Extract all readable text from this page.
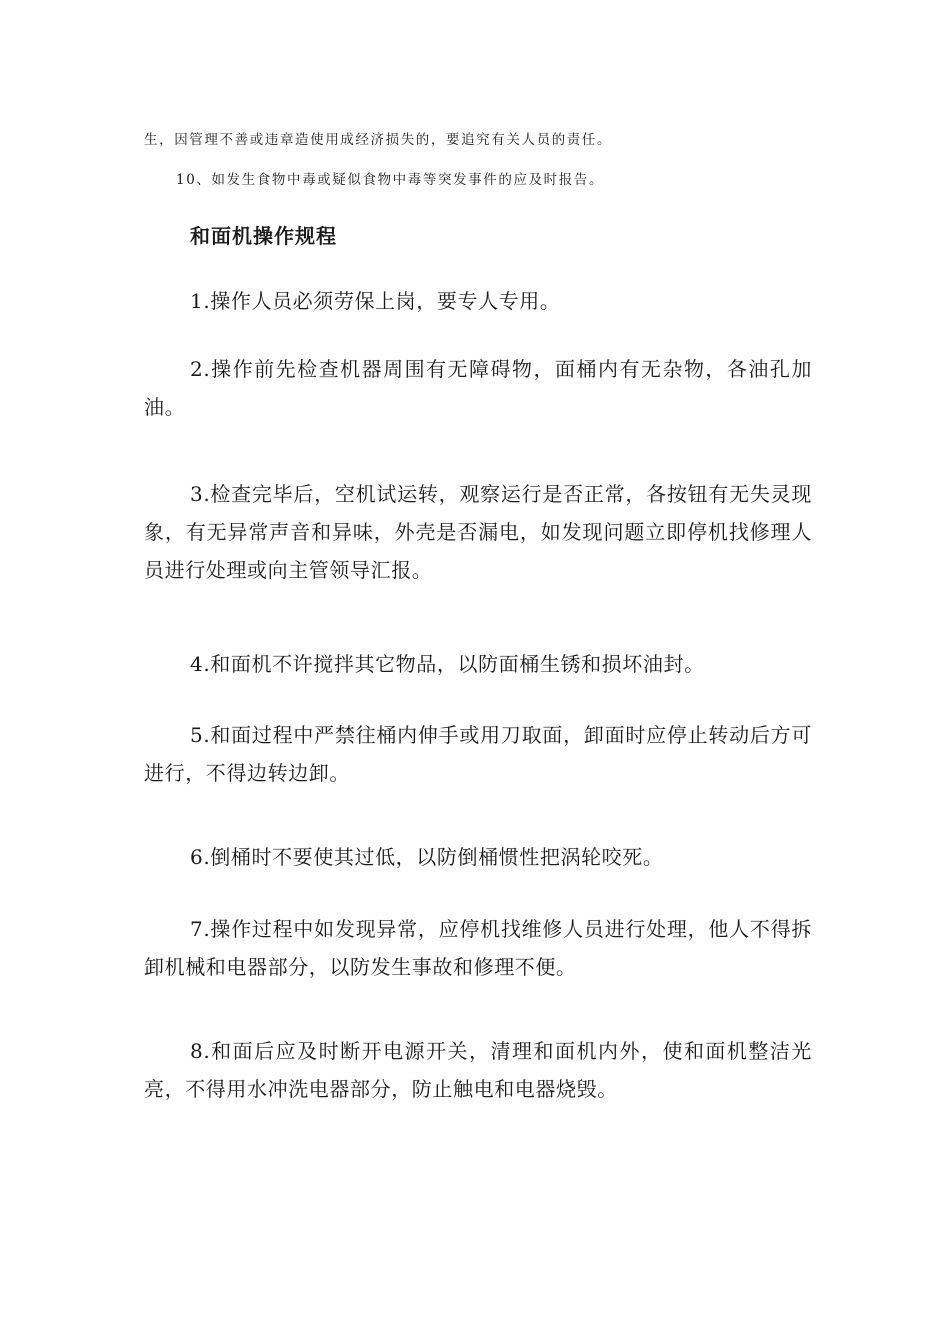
生，因管理不善或违章造使用成经济损失的，要追究有关人员的责任。
10、如发生食物中毒或疑似食物中毒等突发事件的应及时报告。
和面机操作规程
1.操作人员必须劳保上岗，要专人专用。
2.操作前先检查机器周围有无障碍物，面桶内有无杂物，各油孔加油。
3.检查完毕后，空机试运转，观察运行是否正常，各按钮有无失灵现象，有无异常声音和异味，外壳是否漏电，如发现问题立即停机找修理人员进行处理或向主管领导汇报。
4.和面机不许搅拌其它物品，以防面桶生锈和损坏油封。
5.和面过程中严禁往桶内伸手或用刀取面，卸面时应停止转动后方可进行，不得边转边卸。
6.倒桶时不要使其过低，以防倒桶惯性把涡轮咬死。
7.操作过程中如发现异常，应停机找维修人员进行处理，他人不得拆卸机械和电器部分，以防发生事故和修理不便。
8.和面后应及时断开电源开关，清理和面机内外，使和面机整洁光亮，不得用水冲洗电器部分，防止触电和电器烧毁。
